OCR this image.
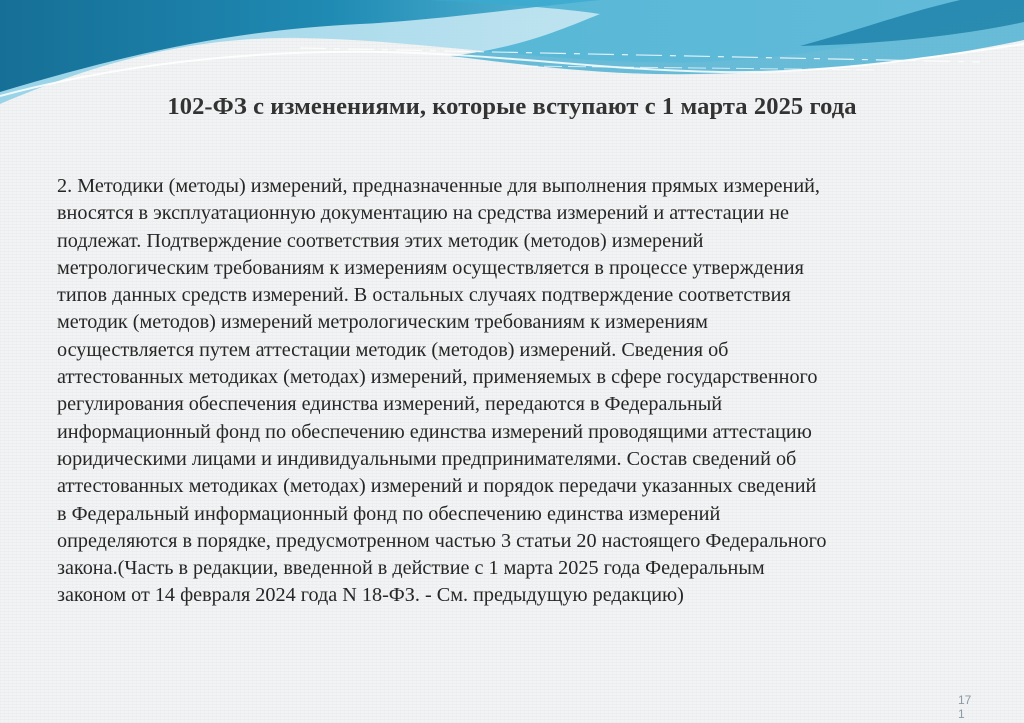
102-ФЗ с изменениями, которые вступают с 1 марта 2025 года
2. Методики (методы) измерений, предназначенные для выполнения прямых измерений,
вносятся в эксплуатационную документацию на средства измерений и аттестации не
подлежат. Подтверждение соответствия этих методик (методов) измерений
метрологическим требованиям к измерениям осуществляется в процессе утверждения
типов данных средств измерений. В остальных случаях подтверждение соответствия
методик (методов) измерений метрологическим требованиям к измерениям
осуществляется путем аттестации методик (методов) измерений. Сведения об
аттестованных методиках (методах) измерений, применяемых в сфере государственного
регулирования обеспечения единства измерений, передаются в Федеральный
информационный фонд по обеспечению единства измерений проводящими аттестацию
юридическими лицами и индивидуальными предпринимателями. Состав сведений об
аттестованных методиках (методах) измерений и порядок передачи указанных сведений
в Федеральный информационный фонд по обеспечению единства измерений
определяются в порядке, предусмотренном частью 3 статьи 20 настоящего Федерального
закона.(Часть в редакции, введенной в действие с 1 марта 2025 года Федеральным
законом от 14 февраля 2024 года N 18-ФЗ. - См. предыдущую редакцию)
17
1
